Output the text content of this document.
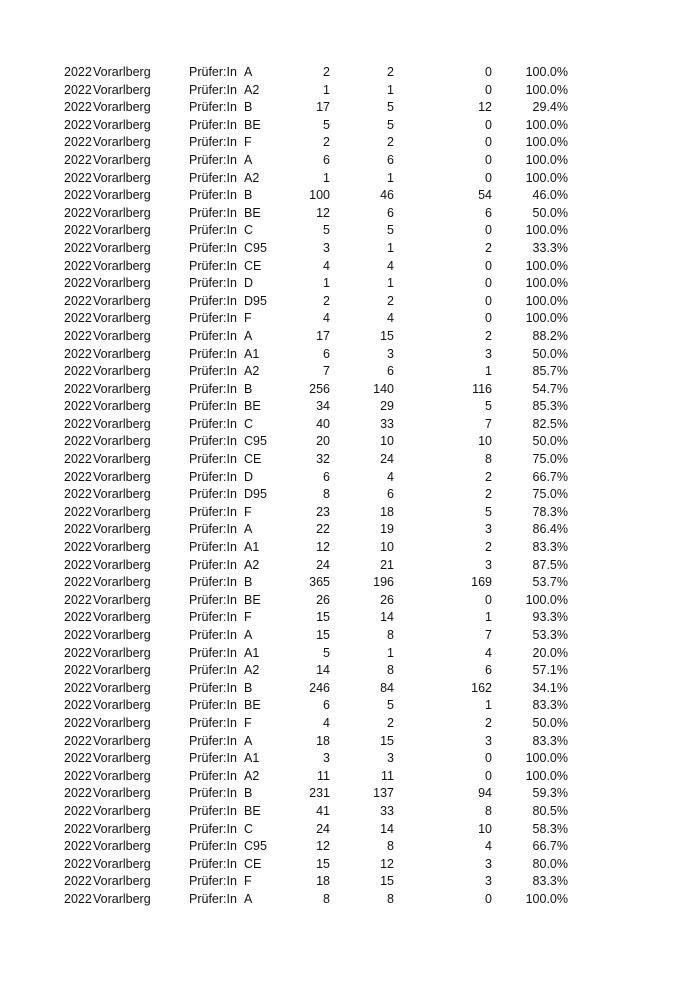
2022 Vorarlberg	Prüfer:In A	2	2	0	100.0%
2022 Vorarlberg	Prüfer:In A2	1	1	0	100.0%
2022 Vorarlberg	Prüfer:In B	17	5	12	29.4%
2022 Vorarlberg	Prüfer:In BE	5	5	0	100.0%
2022 Vorarlberg	Prüfer:In F	2	2	0	100.0%
2022 Vorarlberg	Prüfer:In A	6	6	0	100.0%
2022 Vorarlberg	Prüfer:In A2	1	1	0	100.0%
2022 Vorarlberg	Prüfer:In B	100	46	54	46.0%
2022 Vorarlberg	Prüfer:In BE	12	6	6	50.0%
2022 Vorarlberg	Prüfer:In C	5	5	0	100.0%
2022 Vorarlberg	Prüfer:In C95	3	1	2	33.3%
2022 Vorarlberg	Prüfer:In CE	4	4	0	100.0%
2022 Vorarlberg	Prüfer:In D	1	1	0	100.0%
2022 Vorarlberg	Prüfer:In D95	2	2	0	100.0%
2022 Vorarlberg	Prüfer:In F	4	4	0	100.0%
2022 Vorarlberg	Prüfer:In A	17	15	2	88.2%
2022 Vorarlberg	Prüfer:In A1	6	3	3	50.0%
2022 Vorarlberg	Prüfer:In A2	7	6	1	85.7%
2022 Vorarlberg	Prüfer:In B	256	140	116	54.7%
2022 Vorarlberg	Prüfer:In BE	34	29	5	85.3%
2022 Vorarlberg	Prüfer:In C	40	33	7	82.5%
2022 Vorarlberg	Prüfer:In C95	20	10	10	50.0%
2022 Vorarlberg	Prüfer:In CE	32	24	8	75.0%
2022 Vorarlberg	Prüfer:In D	6	4	2	66.7%
2022 Vorarlberg	Prüfer:In D95	8	6	2	75.0%
2022 Vorarlberg	Prüfer:In F	23	18	5	78.3%
2022 Vorarlberg	Prüfer:In A	22	19	3	86.4%
2022 Vorarlberg	Prüfer:In A1	12	10	2	83.3%
2022 Vorarlberg	Prüfer:In A2	24	21	3	87.5%
2022 Vorarlberg	Prüfer:In B	365	196	169	53.7%
2022 Vorarlberg	Prüfer:In BE	26	26	0	100.0%
2022 Vorarlberg	Prüfer:In F	15	14	1	93.3%
2022 Vorarlberg	Prüfer:In A	15	8	7	53.3%
2022 Vorarlberg	Prüfer:In A1	5	1	4	20.0%
2022 Vorarlberg	Prüfer:In A2	14	8	6	57.1%
2022 Vorarlberg	Prüfer:In B	246	84	162	34.1%
2022 Vorarlberg	Prüfer:In BE	6	5	1	83.3%
2022 Vorarlberg	Prüfer:In F	4	2	2	50.0%
2022 Vorarlberg	Prüfer:In A	18	15	3	83.3%
2022 Vorarlberg	Prüfer:In A1	3	3	0	100.0%
2022 Vorarlberg	Prüfer:In A2	11	11	0	100.0%
2022 Vorarlberg	Prüfer:In B	231	137	94	59.3%
2022 Vorarlberg	Prüfer:In BE	41	33	8	80.5%
2022 Vorarlberg	Prüfer:In C	24	14	10	58.3%
2022 Vorarlberg	Prüfer:In C95	12	8	4	66.7%
2022 Vorarlberg	Prüfer:In CE	15	12	3	80.0%
2022 Vorarlberg	Prüfer:In F	18	15	3	83.3%
2022 Vorarlberg	Prüfer:In A	8	8	0	100.0%
